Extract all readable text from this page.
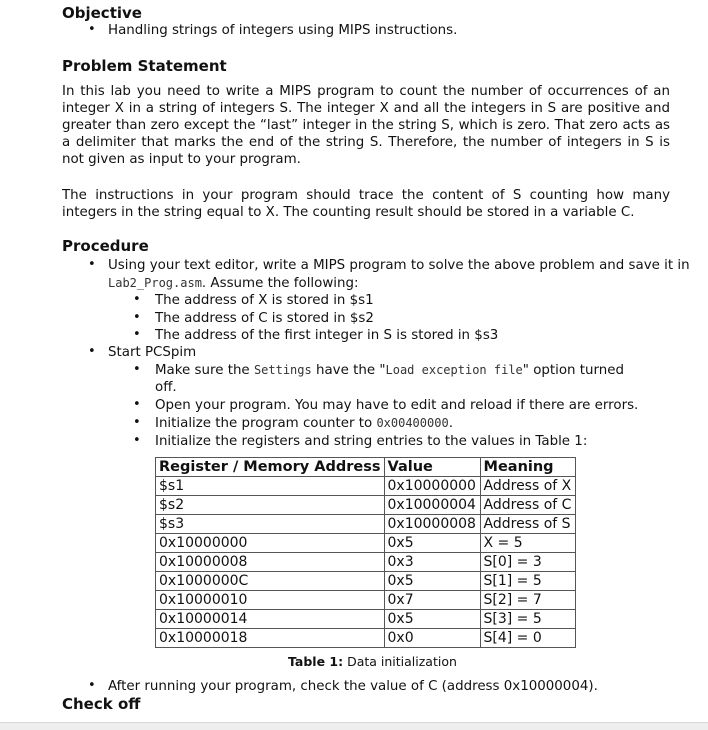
Objective
• Handling strings of integers using MIPS instructions.
Problem Statement
In this lab you need to write a MIPS program to count the number of occurrences of an integer X in a string of integers S. The integer X and all the integers in S are positive and greater than zero except the “last” integer in the string S, which is zero. That zero acts as a delimiter that marks the end of the string S. Therefore, the number of integers in S is not given as input to your program.
The instructions in your program should trace the content of S counting how many integers in the string equal to X. The counting result should be stored in a variable C.
Procedure
• Using your text editor, write a MIPS program to solve the above problem and save it in
Lab2_Prog.asm. Assume the following:
• The address of X is stored in $s1
• The address of C is stored in $s2
• The address of the first integer in S is stored in $s3
• Start PCSpim
• Make sure the Settings have the "Load exception file" option turned
off.
• Open your program. You may have to edit and reload if there are errors.
• Initialize the program counter to 0x00400000.
• Initialize the registers and string entries to the values in Table 1:
Register / Memory Address	Value	Meaning
$s1	0x10000000	Address of X
$s2	0x10000004	Address of C
$s3	0x10000008	Address of S
0x10000000	0x5	X = 5
0x10000008	0x3	S[0] = 3
0x1000000C	0x5	S[1] = 5
0x10000010	0x7	S[2] = 7
0x10000014	0x5	S[3] = 5
0x10000018	0x0	S[4] = 0
Table 1: Data initialization
• After running your program, check the value of C (address 0x10000004).
Check off
